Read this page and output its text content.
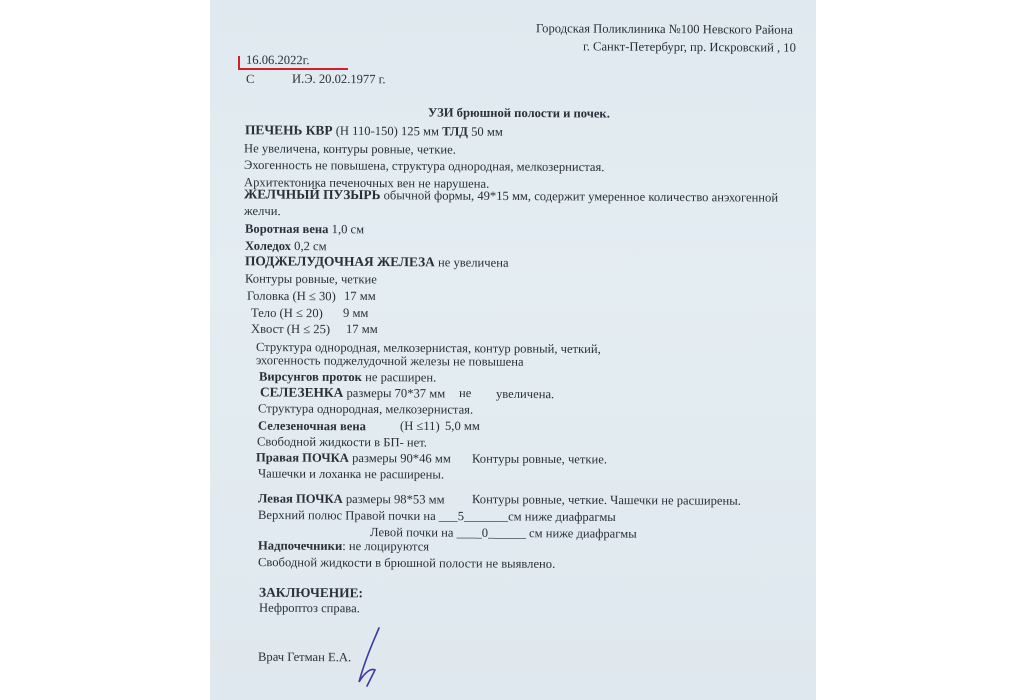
Городская Поликлиника №100 Невского Района
г. Санкт-Петербург, пр. Искровский , 10
16.06.2022г.
С	И.Э. 20.02.1977 г.
УЗИ брюшной полости и почек.
ПЕЧЕНЬ КВР (Н 110-150) 125 мм ТЛД 50 мм
Не увеличена, контуры ровные, четкие.
Эхогенность не повышена, структура однородная, мелкозернистая.
Архитектоника печеночных вен не нарушена.
ЖЕЛЧНЫЙ ПУЗЫРЬ обычной формы, 49*15 мм, содержит умеренное количество анэхогенной
желчи.
Воротная вена 1,0 см
Холедох 0,2 см
ПОДЖЕЛУДОЧНАЯ ЖЕЛЕЗА не увеличена
Контуры ровные, четкие
Головка (Н ≤ 30) 17 мм
Тело (Н ≤ 20) 9 мм
Хвост (Н ≤ 25) 17 мм
Структура однородная, мелкозернистая, контур ровный, четкий,
эхогенность поджелудочной железы не повышена
Вирсунгов проток не расширен.
СЕЛЕЗЕНКА размеры 70*37 мм не увеличена.
Структура однородная, мелкозернистая.
Селезеночная вена	(Н ≤11) 5,0 мм
Свободной жидкости в БП- нет.
Правая ПОЧКА размеры 90*46 мм Контуры ровные, четкие.
Чашечки и лоханка не расширены.
Левая ПОЧКА размеры 98*53 мм Контуры ровные, четкие. Чашечки не расширены.
Верхний полюс Правой почки на ___5_______см ниже диафрагмы
Левой почки на ____0______ см ниже диафрагмы
Надпочечники: не лоцируются
Свободной жидкости в брюшной полости не выявлено.
ЗАКЛЮЧЕНИЕ:
Нефроптоз справа.
Врач Гетман Е.А.
